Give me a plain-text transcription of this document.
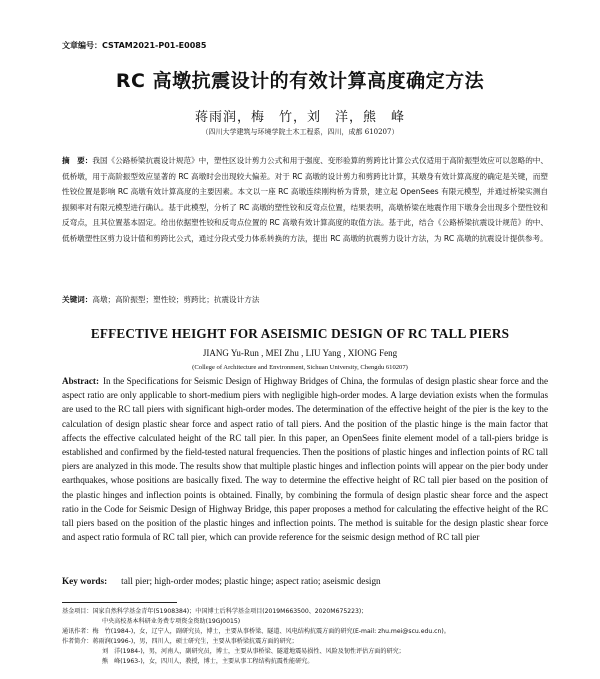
文章编号：CSTAM2021-P01-E0085
RC 高墩抗震设计的有效计算高度确定方法
蒋雨润，梅　竹，刘　洋，熊　峰
（四川大学建筑与环境学院土木工程系，四川，成都 610207）
摘　要：我国《公路桥梁抗震设计规范》中，塑性区设计剪力公式和用于强度、变形验算的剪跨比计算公式仅适用于高阶振型效应可以忽略的中、低桥墩，用于高阶振型效应显著的 RC 高墩时会出现较大偏差。对于 RC 高墩的设计剪力和剪跨比计算，其墩身有效计算高度的确定是关键，而塑性铰位置是影响 RC 高墩有效计算高度的主要因素。本文以一座 RC 高墩连续刚构桥为背景，建立起 OpenSees 有限元模型，并通过桥梁实测自振频率对有限元模型进行确认。基于此模型，分析了 RC 高墩的塑性铰和反弯点位置，结果表明，高墩桥梁在地震作用下墩身会出现多个塑性铰和反弯点，且其位置基本固定。给出依据塑性铰和反弯点位置的 RC 高墩有效计算高度的取值方法。基于此，结合《公路桥梁抗震设计规范》的中、低桥墩塑性区剪力设计值和剪跨比公式，通过分段式受力体系转换的方法，提出 RC 高墩的抗震剪力设计方法，为 RC 高墩的抗震设计提供参考。
关键词：高墩；高阶振型；塑性铰；剪跨比；抗震设计方法
EFFECTIVE HEIGHT FOR ASEISMIC DESIGN OF RC TALL PIERS
JIANG Yu-Run , MEI Zhu , LIU Yang , XIONG Feng
(College of Architecture and Environment, Sichuan University, Chengdu 610207)
Abstract: In the Specifications for Seismic Design of Highway Bridges of China, the formulas of design plastic shear force and the aspect ratio are only applicable to short-medium piers with negligible high-order modes. A large deviation exists when the formulas are used to the RC tall piers with significant high-order modes. The determination of the effective height of the pier is the key to the calculation of design plastic shear force and aspect ratio of tall piers. And the position of the plastic hinge is the main factor that affects the effective calculated height of the RC tall pier. In this paper, an OpenSees finite element model of a tall-piers bridge is established and confirmed by the field-tested natural frequencies. Then the positions of plastic hinges and inflection points of RC tall piers are analyzed in this mode. The results show that multiple plastic hinges and inflection points will appear on the pier body under earthquakes, whose positions are basically fixed. The way to determine the effective height of RC tall pier based on the position of the plastic hinges and inflection points is obtained. Finally, by combining the formula of design plastic shear force and the aspect ratio in the Code for Seismic Design of Highway Bridge, this paper proposes a method for calculating the effective height of the RC tall piers based on the position of the plastic hinges and inflection points. The method is suitable for the design plastic shear force and aspect ratio formula of RC tall pier, which can provide reference for the seismic design method of RC tall pier
Key words: tall pier; high-order modes; plastic hinge; aspect ratio; aseismic design
基金项目：国家自然科学基金青年(51908384)；中国博士后科学基金项目(2019M663500、2020M675223)；
中央高校基本科研业务费专项资金资助(19GJ0015)
通讯作者：梅　竹(1984-)，女，辽宁人，副研究员，博士，主要从事桥梁、隧道、风电结构抗震方面的研究(E-mail: zhu.mei@scu.edu.cn)。
作者简介：蒋雨润(1996-)，男，四川人，硕士研究生，主要从事桥梁抗震方面的研究；
刘　洋(1984-)，男，河南人，副研究员，博士，主要从事桥梁、隧道地震易损性、风险及韧性评估方面的研究；
熊　峰(1963-)，女，四川人，教授，博士，主要从事工程结构抗震性能研究。
